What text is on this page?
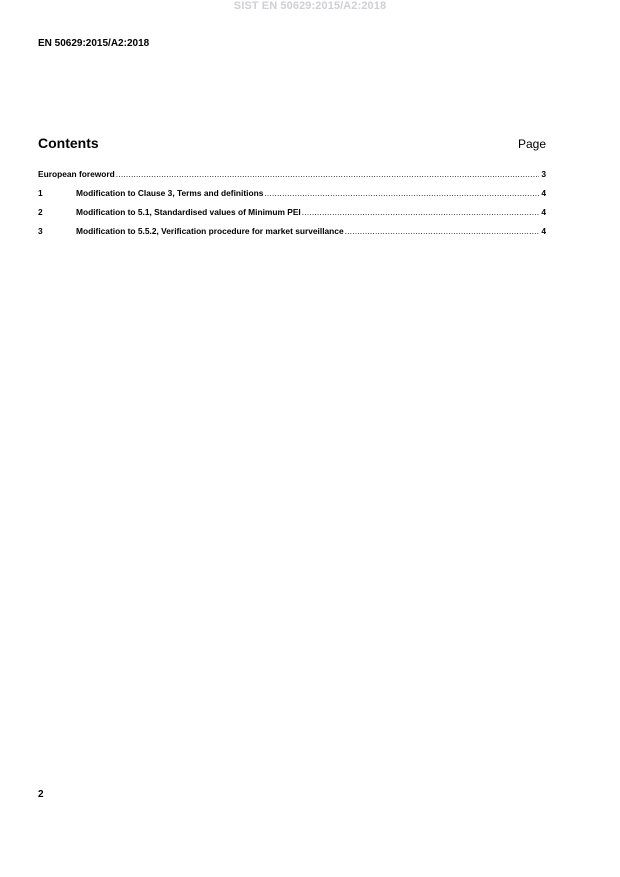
SIST EN 50629:2015/A2:2018
EN 50629:2015/A2:2018
Contents	Page
European foreword .....	3
1	Modification to Clause 3, Terms and definitions .....	4
2	Modification to 5.1, Standardised values of Minimum PEI .....	4
3	Modification to 5.5.2, Verification procedure for market surveillance .....	4
2
